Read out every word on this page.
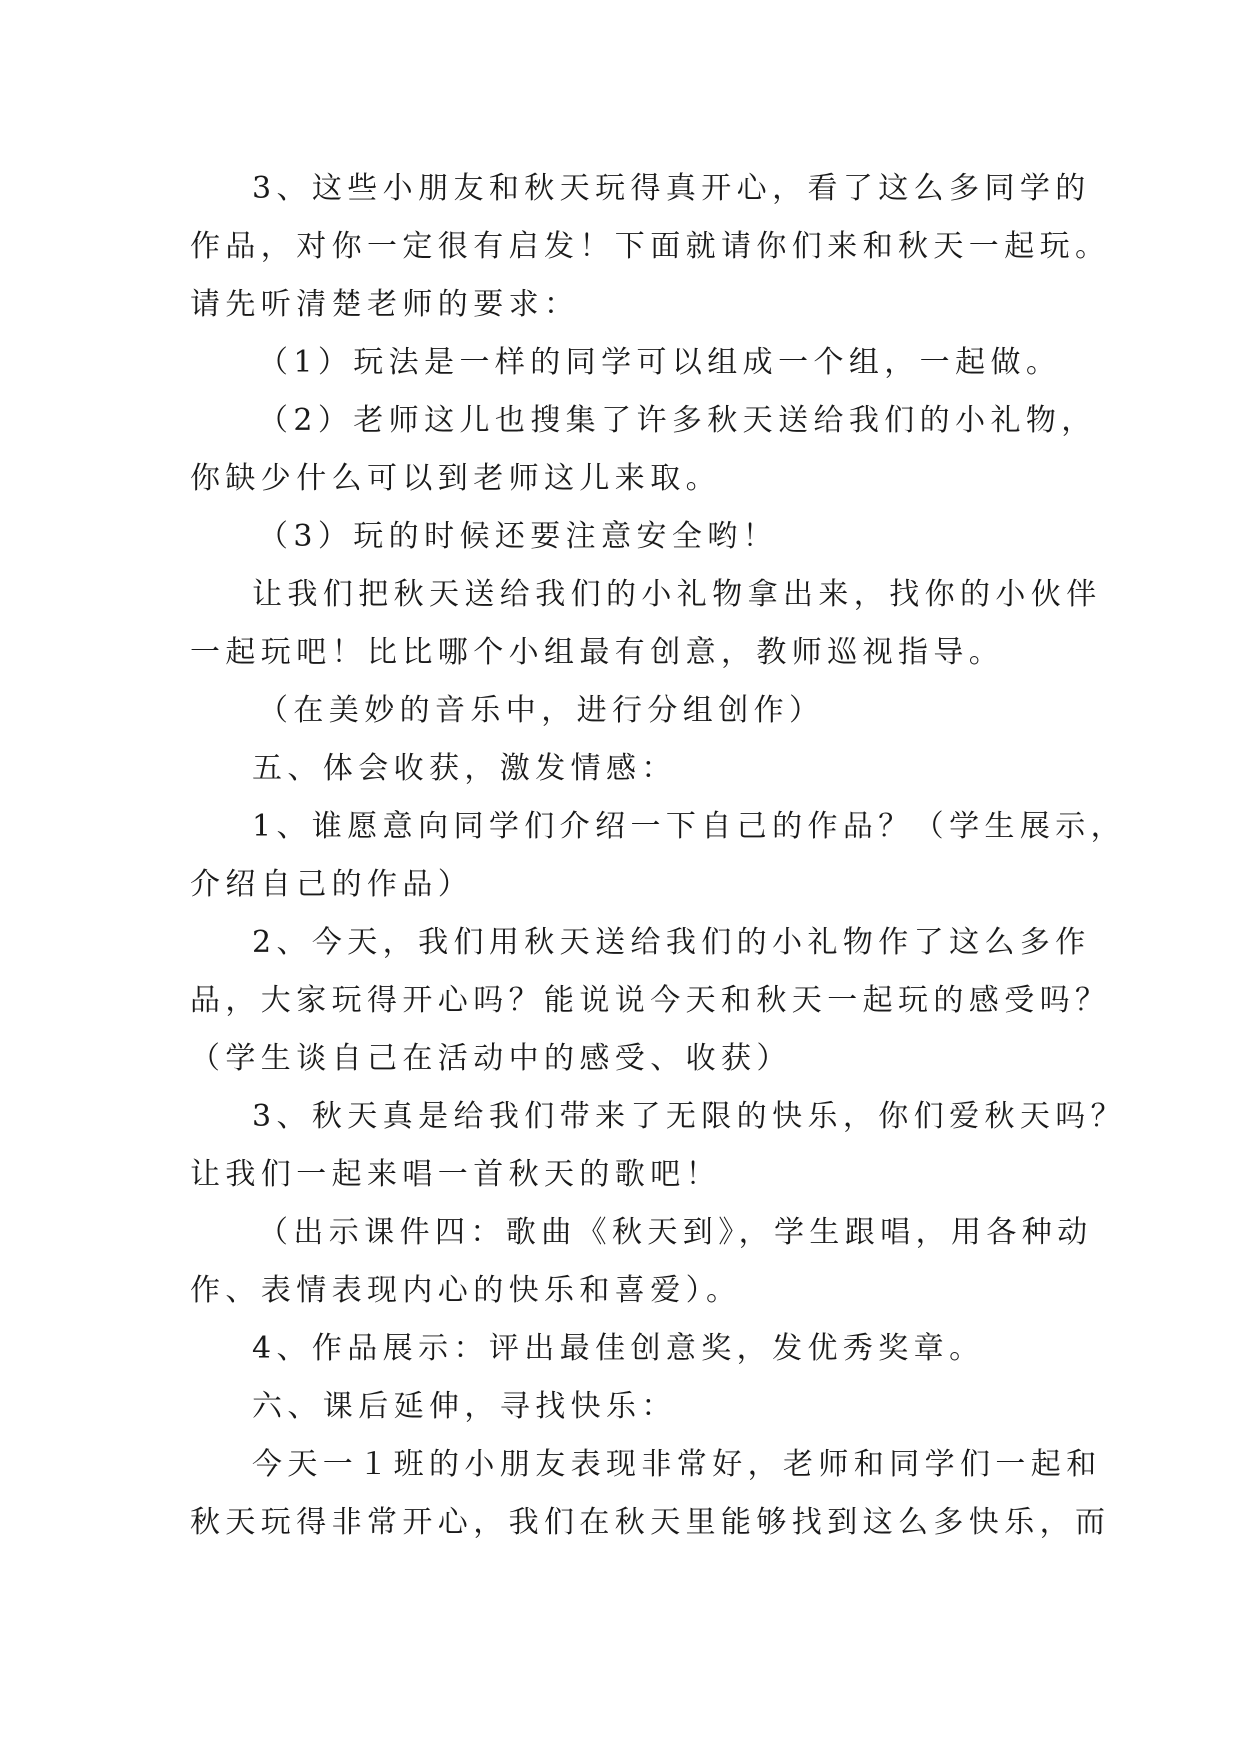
3、这些小朋友和秋天玩得真开心，看了这么多同学的
作品，对你一定很有启发！下面就请你们来和秋天一起玩。
请先听清楚老师的要求：
（1）玩法是一样的同学可以组成一个组，一起做。
（2）老师这儿也搜集了许多秋天送给我们的小礼物，
你缺少什么可以到老师这儿来取。
（3）玩的时候还要注意安全哟！
让我们把秋天送给我们的小礼物拿出来，找你的小伙伴
一起玩吧！比比哪个小组最有创意，教师巡视指导。
（在美妙的音乐中，进行分组创作）
五、体会收获，激发情感：
1、谁愿意向同学们介绍一下自己的作品？（学生展示，
介绍自己的作品）
2、今天，我们用秋天送给我们的小礼物作了这么多作
品，大家玩得开心吗？能说说今天和秋天一起玩的感受吗？
（学生谈自己在活动中的感受、收获）
3、秋天真是给我们带来了无限的快乐，你们爱秋天吗？
让我们一起来唱一首秋天的歌吧！
（出示课件四：歌曲《秋天到》，学生跟唱，用各种动
作、表情表现内心的快乐和喜爱）。
4、作品展示：评出最佳创意奖，发优秀奖章。
六、课后延伸，寻找快乐：
今天一１班的小朋友表现非常好，老师和同学们一起和
秋天玩得非常开心，我们在秋天里能够找到这么多快乐，而
